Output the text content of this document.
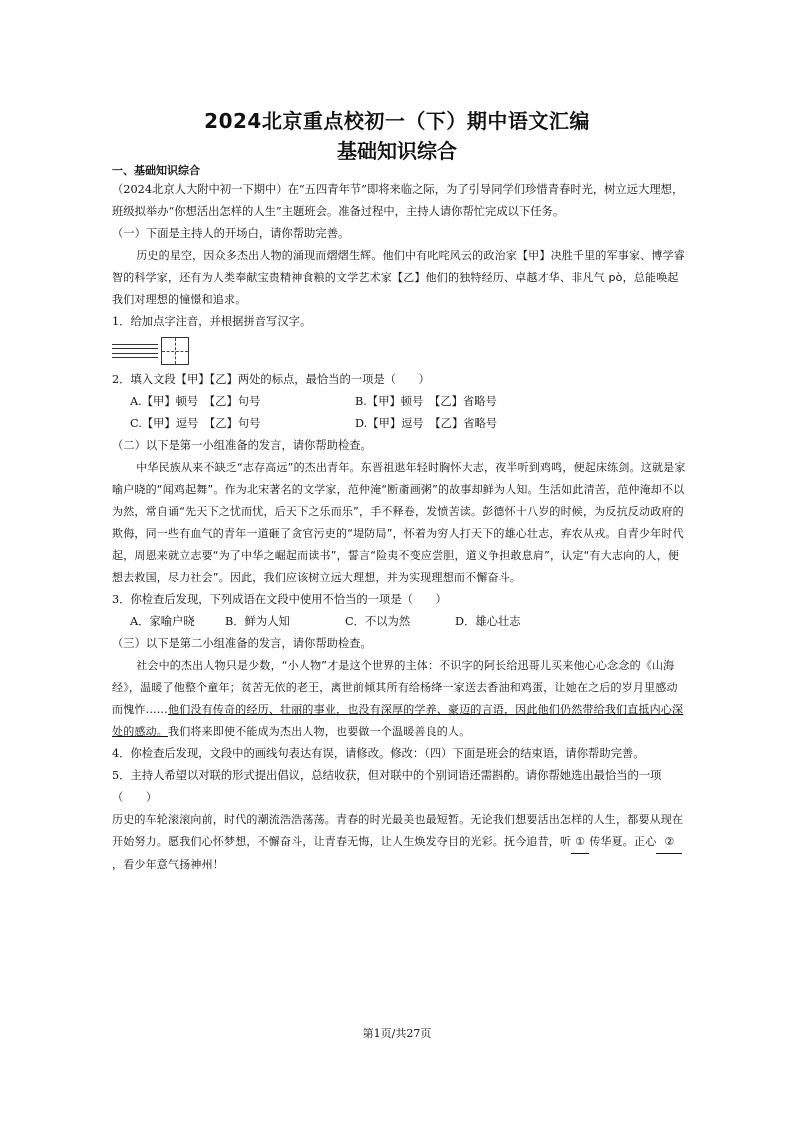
2024北京重点校初一（下）期中语文汇编
基础知识综合

一、基础知识综合

（2024北京人大附中初一下期中）在“五四青年节”即将来临之际，为了引导同学们珍惜青春时光，树立远大理想，班级拟举办“你想活出怎样的人生”主题班会。准备过程中，主持人请你帮忙完成以下任务。

（一）下面是主持人的开场白，请你帮助完善。

历史的星空，因众多杰出人物的涌现而熠熠生辉。他们中有叱咤风云的政治家【甲】决胜千里的军事家、博学睿智的科学家，还有为人类奉献宝贵精神食粮的文学艺术家【乙】他们的独特经历、卓越才华、非凡气 pò，总能唤起我们对理想的憧憬和追求。

1．给加点字注音，并根据拼音写汉字。

2．填入文段【甲】【乙】两处的标点，最恰当的一项是（　　）

A.【甲】顿号　【乙】句号	B.【甲】顿号　【乙】省略号
C.【甲】逗号　【乙】句号	D.【甲】逗号　【乙】省略号

（二）以下是第一小组准备的发言，请你帮助检查。

中华民族从来不缺乏“志存高远”的杰出青年。东晋祖逖年轻时胸怀大志，夜半听到鸡鸣，便起床练剑。这就是家喻户晓的“闻鸡起舞”。作为北宋著名的文学家，范仲淹“断齑画粥”的故事却鲜为人知。生活如此清苦，范仲淹却不以为然，常自诵“先天下之忧而忧，后天下之乐而乐”，手不释卷，发愤苦读。彭德怀十八岁的时候，为反抗反动政府的欺侮，同一些有血气的青年一道砸了贪官污吏的“堤防局”，怀着为穷人打天下的雄心壮志，弃农从戎。自青少年时代起，周恩来就立志要“为了中华之崛起而读书”，誓言“险夷不变应尝胆，道义争担敢息肩”，认定“有大志向的人，便想去救国，尽力社会”。因此，我们应该树立远大理想，并为实现理想而不懈奋斗。

3．你检查后发现，下列成语在文段中使用不恰当的一项是（　　）

A．家喻户晓	B．鲜为人知	C．不以为然	D．雄心壮志

（三）以下是第二小组准备的发言，请你帮助检查。

社会中的杰出人物只是少数，“小人物”才是这个世界的主体：不识字的阿长给迅哥儿买来他心心念念的《山海经》，温暖了他整个童年；贫苦无依的老王，离世前倾其所有给杨绛一家送去香油和鸡蛋，让她在之后的岁月里感动而愧怍……他们没有传奇的经历、壮丽的事业，也没有深厚的学养、豪迈的言语，因此他们仍然带给我们直抵内心深处的感动。我们将来即使不能成为杰出人物，也要做一个温暖善良的人。

4．你检查后发现，文段中的画线句表达有误，请修改。修改：（四）下面是班会的结束语，请你帮助完善。

5．主持人希望以对联的形式提出倡议，总结收获，但对联中的个别词语还需斟酌。请你帮她选出最恰当的一项（　　）

历史的车轮滚滚向前，时代的潮流浩浩荡荡。青春的时光最美也最短暂。无论我们想要活出怎样的人生，都要从现在开始努力。愿我们心怀梦想，不懈奋斗，让青春无悔，让人生焕发夺目的光彩。抚今追昔，听 ① 传华夏。正心 ②，看少年意气扬神州！

第1页/共27页
